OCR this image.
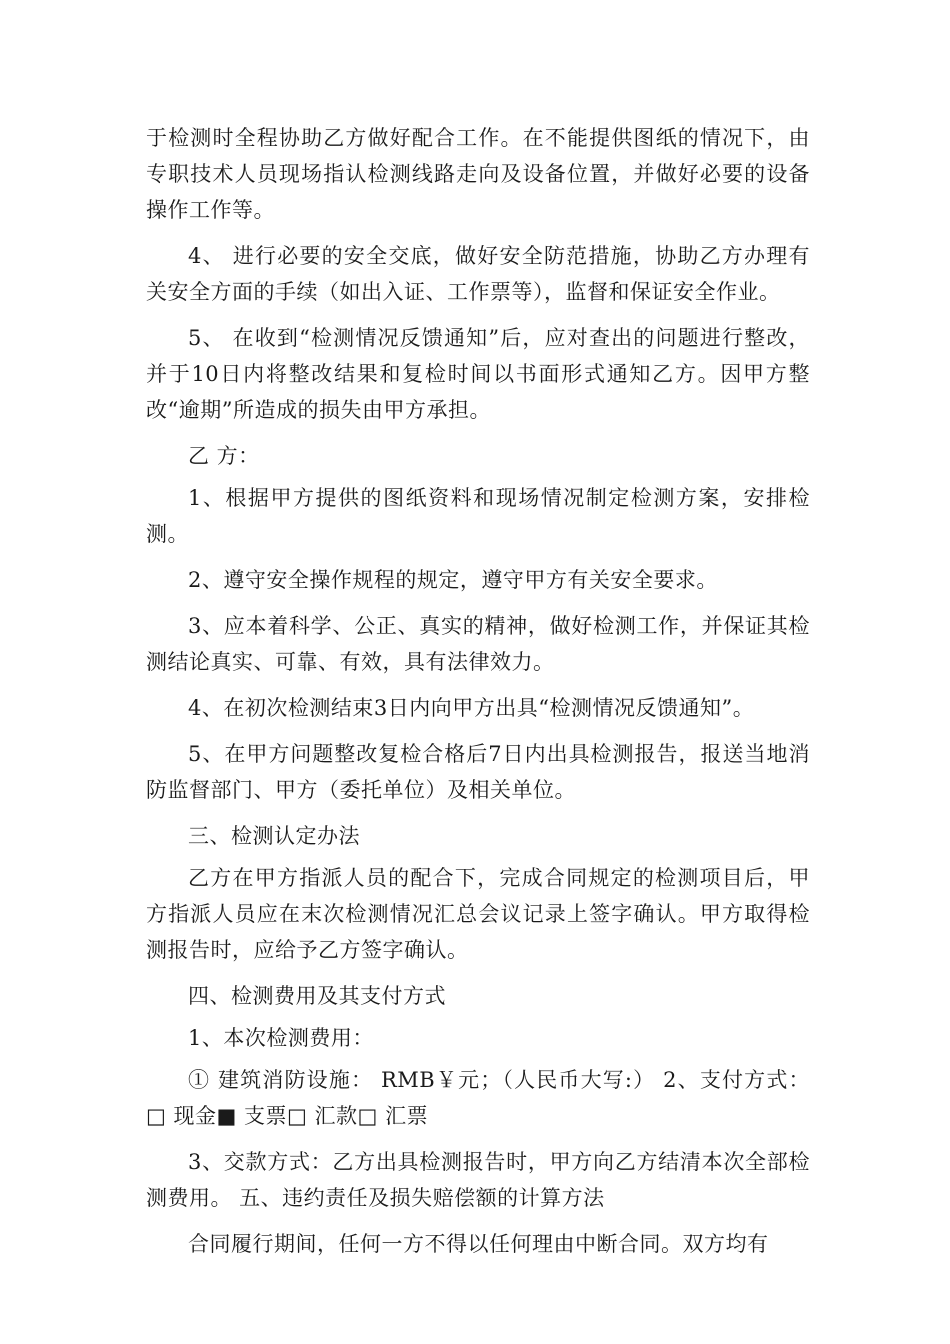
于检测时全程协助乙方做好配合工作。在不能提供图纸的情况下，由专职技术人员现场指认检测线路走向及设备位置，并做好必要的设备操作工作等。

4、 进行必要的安全交底，做好安全防范措施，协助乙方办理有关安全方面的手续（如出入证、工作票等），监督和保证安全作业。

5、 在收到“检测情况反馈通知”后，应对查出的问题进行整改，并于10日内将整改结果和复检时间以书面形式通知乙方。因甲方整改“逾期”所造成的损失由甲方承担。

乙 方：

1、根据甲方提供的图纸资料和现场情况制定检测方案，安排检测。

2、遵守安全操作规程的规定，遵守甲方有关安全要求。

3、应本着科学、公正、真实的精神，做好检测工作，并保证其检测结论真实、可靠、有效，具有法律效力。

4、在初次检测结束3日内向甲方出具“检测情况反馈通知”。

5、在甲方问题整改复检合格后7日内出具检测报告，报送当地消防监督部门、甲方（委托单位）及相关单位。

三、检测认定办法

乙方在甲方指派人员的配合下，完成合同规定的检测项目后，甲方指派人员应在末次检测情况汇总会议记录上签字确认。甲方取得检测报告时，应给予乙方签字确认。

四、检测费用及其支付方式

1、本次检测费用：

① 建筑消防设施： RMB￥元；（人民币大写:） 2、支付方式：□ 现金■ 支票□ 汇款□ 汇票

3、交款方式：乙方出具检测报告时，甲方向乙方结清本次全部检测费用。 五、违约责任及损失赔偿额的计算方法

合同履行期间，任何一方不得以任何理由中断合同。双方均有
